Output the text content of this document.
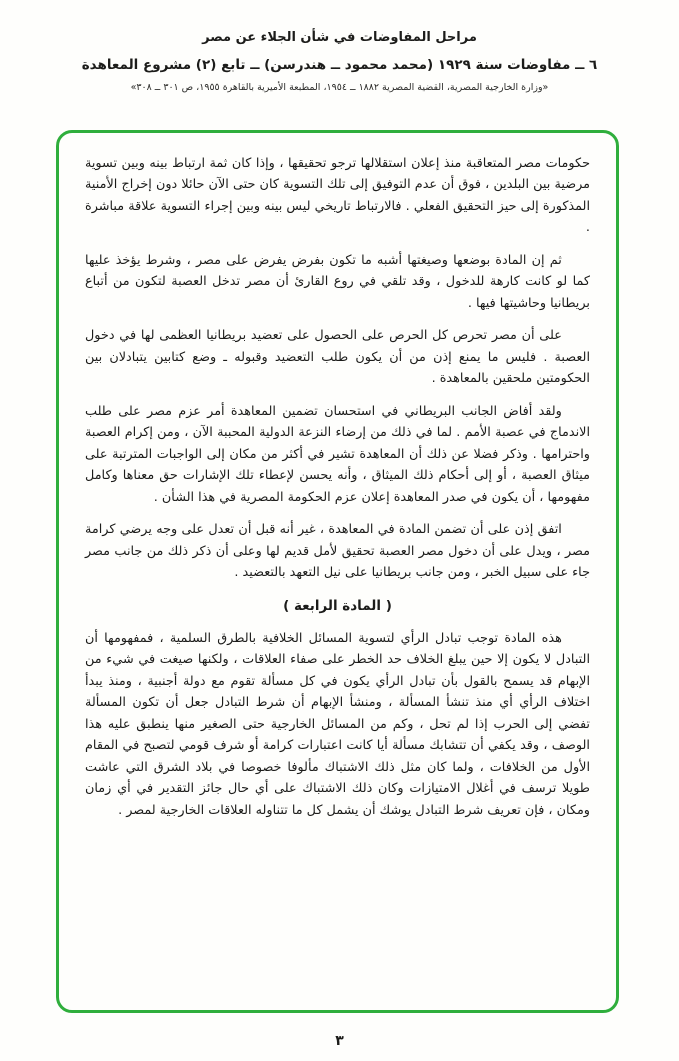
مراحل المفاوضات في شأن الجلاء عن مصر
٦ ــ مفاوضات سنة ١٩٢٩ (محمد محمود ــ هندرسن) ــ تابع (٢) مشروع المعاهدة
«وزارة الخارجية المصرية، القضية المصرية ١٨٨٢ ــ ١٩٥٤، المطبعة الأميرية بالقاهرة ١٩٥٥، ص ٣٠١ ــ ٣٠٨»

حكومات مصر المتعاقبة منذ إعلان استقلالها ترجو تحقيقها ، وإذا كان ثمة ارتباط بينه وبين تسوية مرضية بين البلدين ، فوق أن عدم التوفيق إلى تلك التسوية كان حتى الآن حائلا دون إخراج الأمنية المذكورة إلى حيز التحقيق الفعلي . فالارتباط تاريخي ليس بينه وبين إجراء التسوية علاقة مباشرة .

ثم إن المادة بوضعها وصيغتها أشبه ما تكون بفرض يفرض على مصر ، وشرط يؤخذ عليها كما لو كانت كارهة للدخول ، وقد تلقي في روع القارئ أن مصر تدخل العصبة لتكون من أتباع بريطانيا وحاشيتها فيها .

على أن مصر تحرص كل الحرص على الحصول على تعضيد بريطانيا العظمى لها في دخول العصبة . فليس ما يمنع إذن من أن يكون طلب التعضيد وقبوله ـ وضع كتابين يتبادلان بين الحكومتين ملحقين بالمعاهدة .

ولقد أفاض الجانب البريطاني في استحسان تضمين المعاهدة أمر عزم مصر على طلب الاندماج في عصبة الأمم . لما في ذلك من إرضاء النزعة الدولية المحببة الآن ، ومن إكرام العصبة واحترامها . وذكر فضلا عن ذلك أن المعاهدة تشير في أكثر من مكان إلى الواجبات المترتبة على ميثاق العصبة ، أو إلى أحكام ذلك الميثاق ، وأنه يحسن لإعطاء تلك الإشارات حق معناها وكامل مفهومها ، أن يكون في صدر المعاهدة إعلان عزم الحكومة المصرية في هذا الشأن .

اتفق إذن على أن تضمن المادة في المعاهدة ، غير أنه قبل أن تعدل على وجه يرضي كرامة مصر ، ويدل على أن دخول مصر العصبة تحقيق لأمل قديم لها وعلى أن ذكر ذلك من جانب مصر جاء على سبيل الخبر ، ومن جانب بريطانيا على نيل التعهد بالتعضيد .

( المادة الرابعة )

هذه المادة توجب تبادل الرأي لتسوية المسائل الخلافية بالطرق السلمية ، فمفهومها أن التبادل لا يكون إلا حين يبلغ الخلاف حد الخطر على صفاء العلاقات ، ولكنها صيغت في شيء من الإبهام قد يسمح بالقول بأن تبادل الرأي يكون في كل مسألة تقوم مع دولة أجنبية ، ومنذ يبدأ اختلاف الرأي أي منذ تنشأ المسألة ، ومنشأ الإبهام أن شرط التبادل جعل أن تكون المسألة تفضي إلى الحرب إذا لم تحل ، وكم من المسائل الخارجية حتى الصغير منها ينطبق عليه هذا الوصف ، وقد يكفي أن تتشابك مسألة أيا كانت اعتبارات كرامة أو شرف قومي لتصبح في المقام الأول من الخلافات ، ولما كان مثل ذلك الاشتباك مألوفا خصوصا في بلاد الشرق التي عاشت طويلا ترسف في أغلال الامتيازات وكان ذلك الاشتباك على أي حال جائز التقدير في أي زمان ومكان ، فإن تعريف شرط التبادل يوشك أن يشمل كل ما تتناوله العلاقات الخارجية لمصر .

٣
